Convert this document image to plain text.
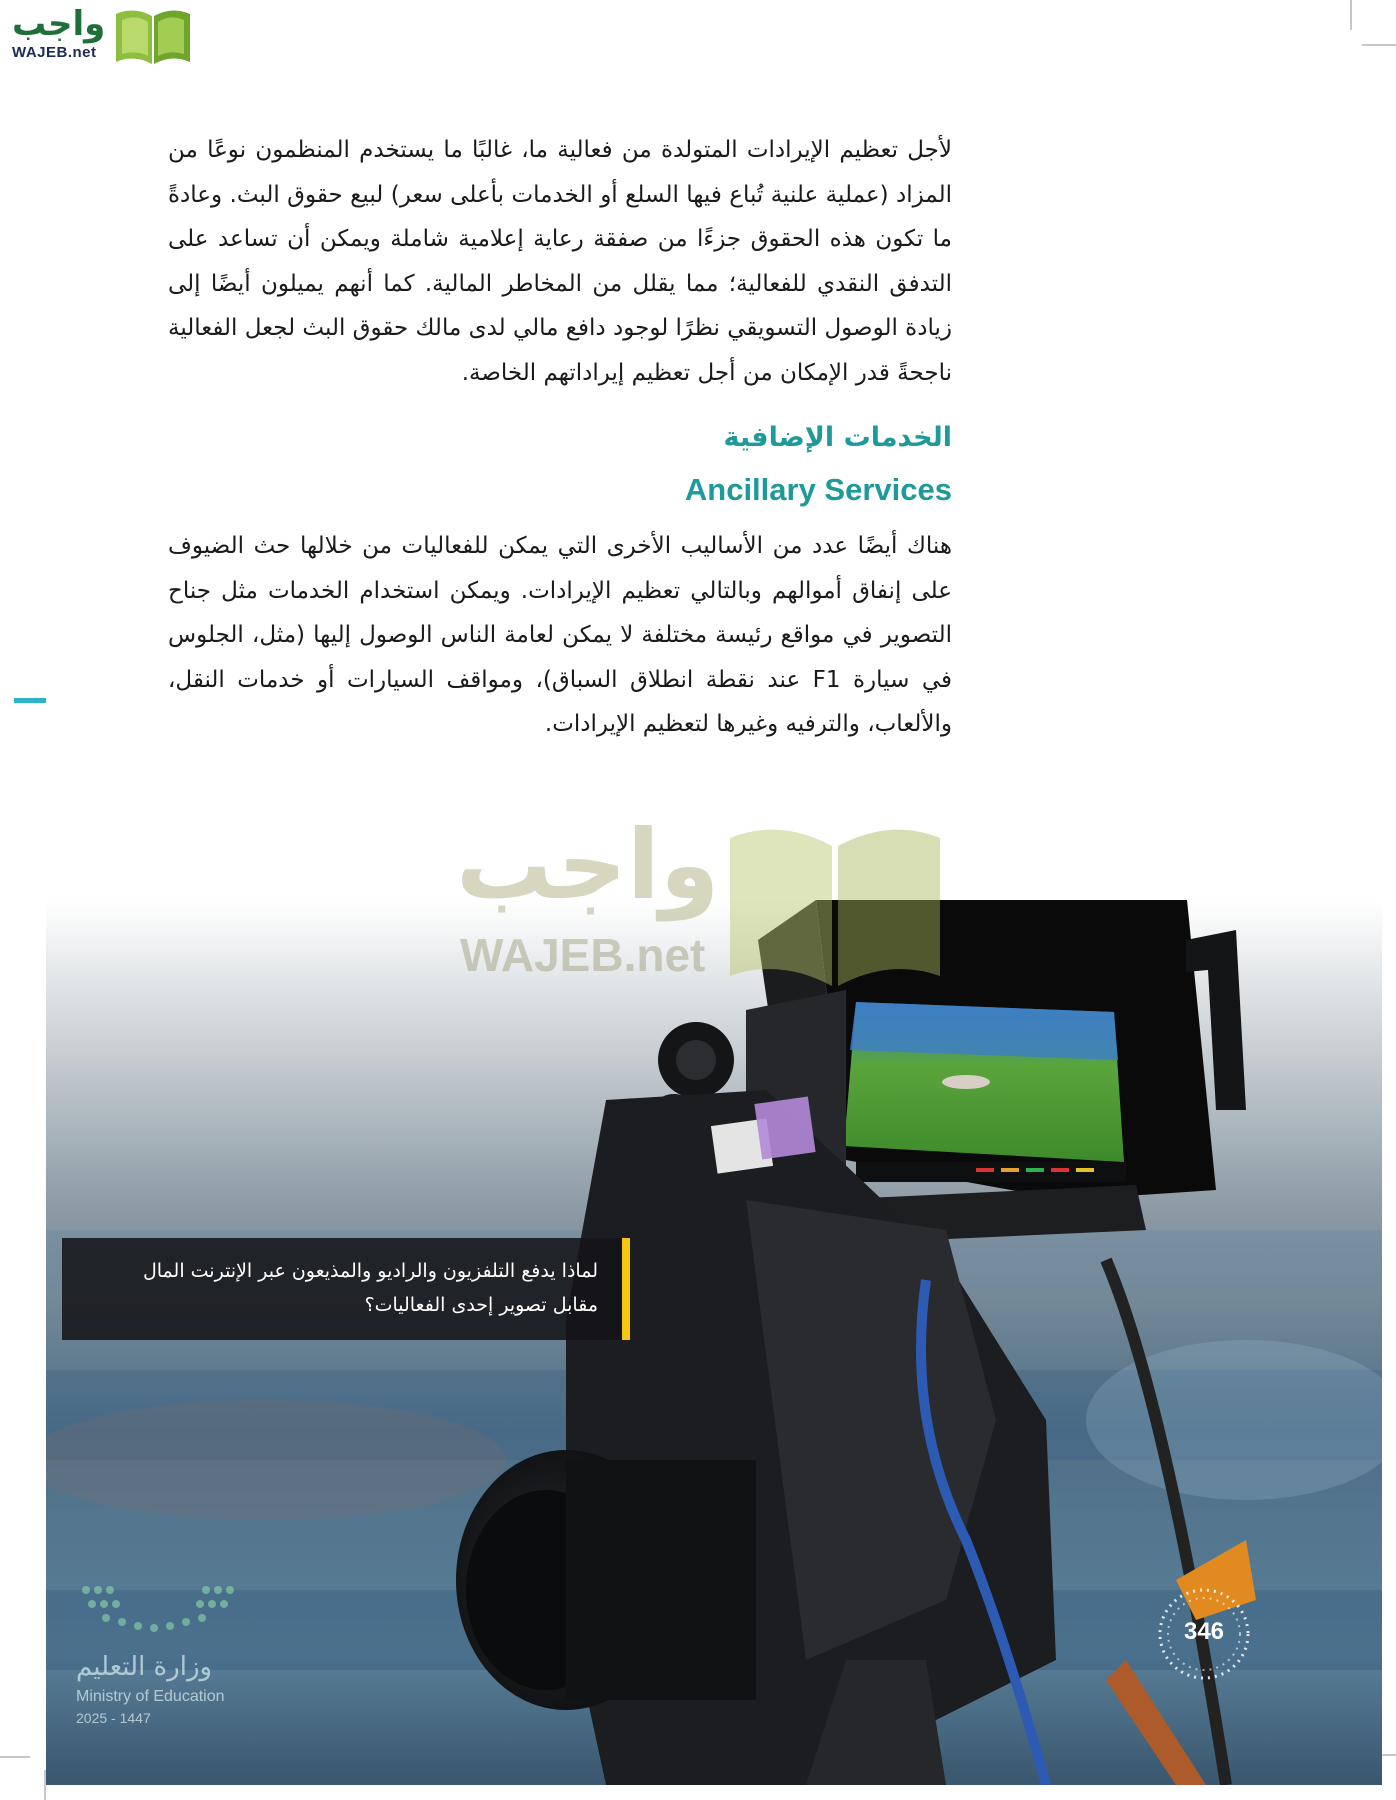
واجب
WAJEB.net

لأجل تعظيم الإيرادات المتولدة من فعالية ما، غالبًا ما يستخدم المنظمون نوعًا من المزاد (عملية علنية تُباع فيها السلع أو الخدمات بأعلى سعر) لبيع حقوق البث. وعادةً ما تكون هذه الحقوق جزءًا من صفقة رعاية إعلامية شاملة ويمكن أن تساعد على التدفق النقدي للفعالية؛ مما يقلل من المخاطر المالية. كما أنهم يميلون أيضًا إلى زيادة الوصول التسويقي نظرًا لوجود دافع مالي لدى مالك حقوق البث لجعل الفعالية ناجحةً قدر الإمكان من أجل تعظيم إيراداتهم الخاصة.

الخدمات الإضافية
Ancillary Services

هناك أيضًا عدد من الأساليب الأخرى التي يمكن للفعاليات من خلالها حث الضيوف على إنفاق أموالهم وبالتالي تعظيم الإيرادات. ويمكن استخدام الخدمات مثل جناح التصوير في مواقع رئيسة مختلفة لا يمكن لعامة الناس الوصول إليها (مثل، الجلوس في سيارة F1 عند نقطة انطلاق السباق)، ومواقف السيارات أو خدمات النقل، والألعاب، والترفيه وغيرها لتعظيم الإيرادات.

واجب
WAJEB.net

لماذا يدفع التلفزيون والراديو والمذيعون عبر الإنترنت المال مقابل تصوير إحدى الفعاليات؟

346
وزارة التعليم
Ministry of Education
2025 - 1447
